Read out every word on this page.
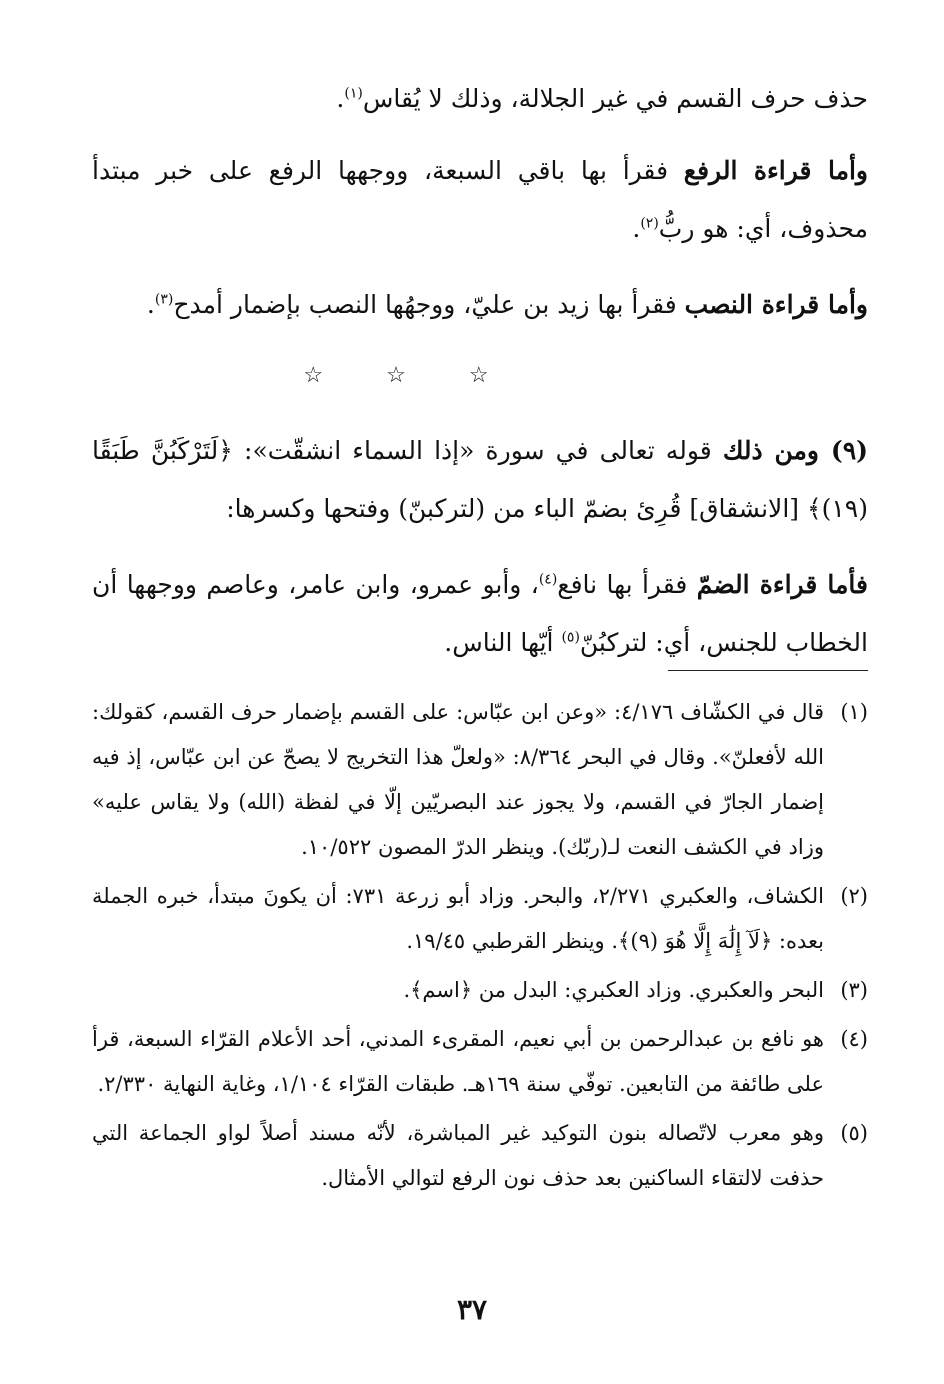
حذف حرف القسم في غير الجلالة، وذلك لا يُقاس$^{(١)}$.

وأما قراءة الرفع فقرأ بها باقي السبعة، ووجهها الرفع على خبر مبتدأ محذوف، أي: هو ربُّ$^{(٢)}$.

وأما قراءة النصب فقرأ بها زيد بن عليّ، ووجهُها النصب بإضمار أمدح$^{(٣)}$.

☆ ☆ ☆

(٩) ومن ذلك قوله تعالى في سورة «إذا السماء انشقّت»: ﴿لَتَرْكَبُنَّ طَبَقًا (١٩)﴾ [الانشقاق] قُرِئ بضمّ الباء من (لتركبنّ) وفتحها وكسرها:

فأما قراءة الضمّ فقرأ بها نافع$^{(٤)}$، وأبو عمرو، وابن عامر، وعاصم ووجهها أن الخطاب للجنس، أي: لتركبُنّ$^{(٥)}$ أيّها الناس.

(١)
قال في الكشّاف ٤/١٧٦: «وعن ابن عبّاس: على القسم بإضمار حرف القسم، كقولك: الله لأفعلنّ». وقال في البحر ٨/٣٦٤: «ولعلّ هذا التخريج لا يصحّ عن ابن عبّاس، إذ فيه إضمار الجارّ في القسم، ولا يجوز عند البصريّين إلّا في لفظة (الله) ولا يقاس عليه» وزاد في الكشف النعت لـ(ربّك). وينظر الدرّ المصون ١٠/٥٢٢.
(٢)
الكشاف، والعكبري ٢/٢٧١، والبحر. وزاد أبو زرعة ٧٣١: أن يكونَ مبتدأ، خبره الجملة بعده: ﴿لَآ إِلَٰهَ إِلَّا هُوَ (٩)﴾. وينظر القرطبي ١٩/٤٥.
(٣)
البحر والعكبري. وزاد العكبري: البدل من ﴿اسم﴾.
(٤)
هو نافع بن عبدالرحمن بن أبي نعيم، المقرىء المدني، أحد الأعلام القرّاء السبعة، قرأ على طائفة من التابعين. توفّي سنة ١٦٩هـ. طبقات القرّاء ١/١٠٤، وغاية النهاية ٢/٣٣٠.
(٥)
وهو معرب لاتّصاله بنون التوكيد غير المباشرة، لأنّه مسند أصلاً لواو الجماعة التي حذفت لالتقاء الساكنين بعد حذف نون الرفع لتوالي الأمثال.
٣٧
